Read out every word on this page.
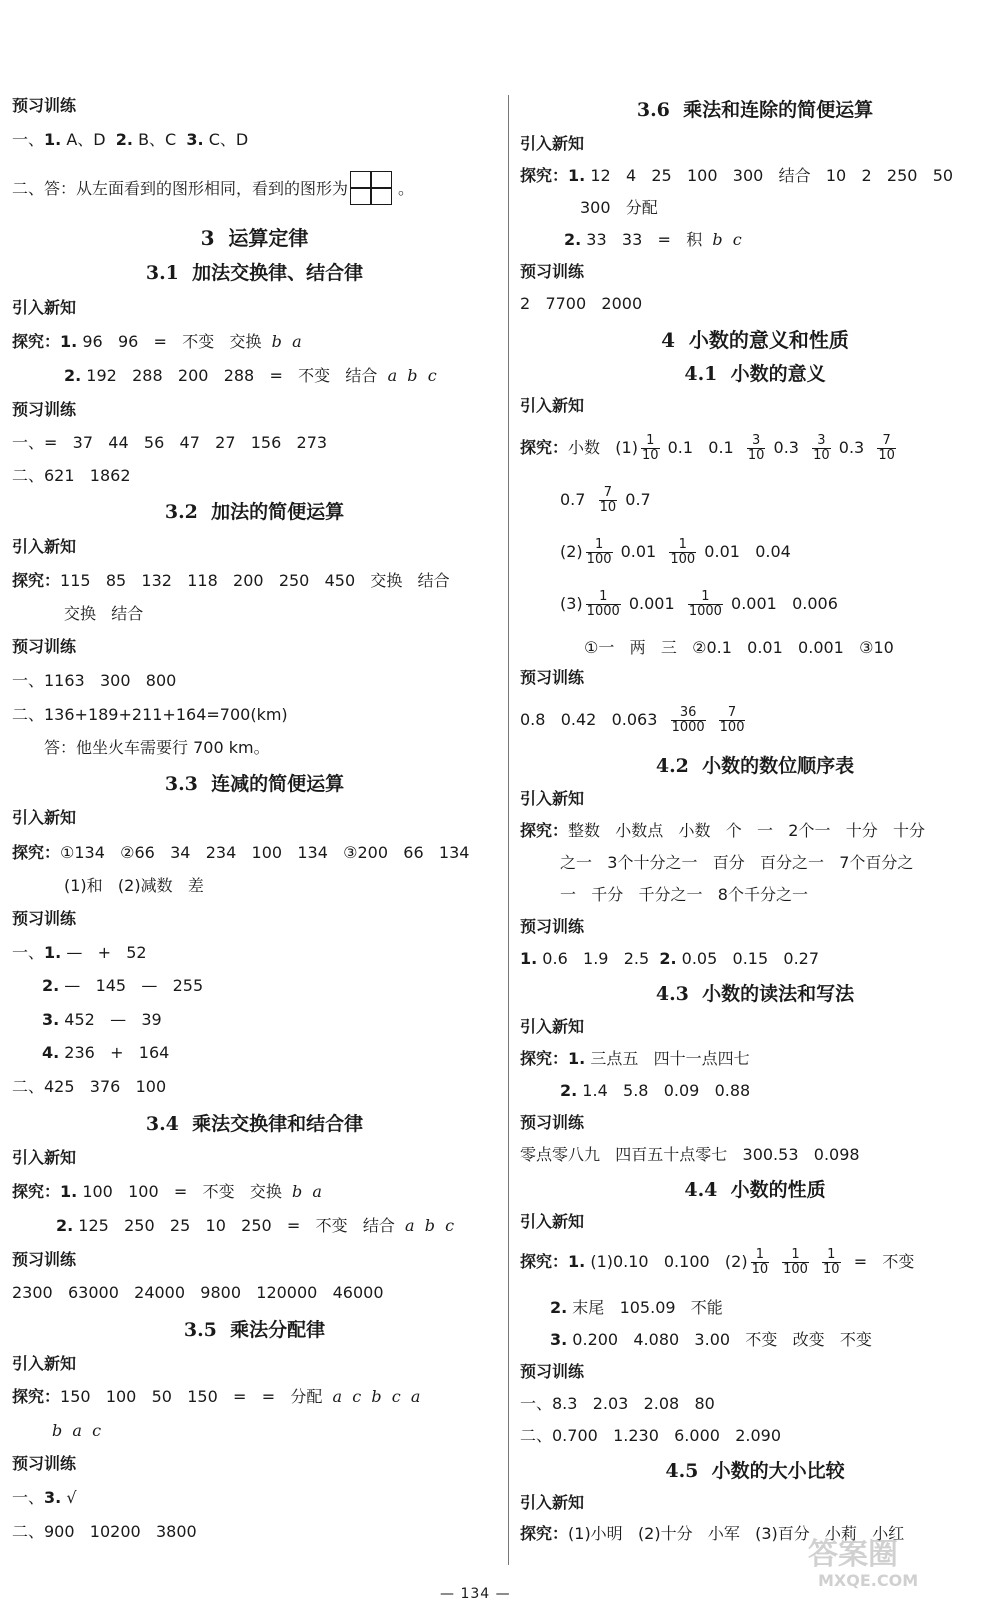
预习训练
一、1. A、D  2. B、C  3. C、D
二、答：从左面看到的图形相同，看到的图形为	。
3  运算定律
3.1  加法交换律、结合律
引入新知
探究：1. 96   96   =   不变   交换  b  a
2. 192   288   200   288   =   不变   结合  a  b  c
预习训练
一、=   37   44   56   47   27   156   273
二、621   1862
3.2  加法的简便运算
引入新知
探究：115   85   132   118   200   250   450   交换   结合
交换   结合
预习训练
一、1163   300   800
二、136+189+211+164=700(km)
答：他坐火车需要行 700 km。
3.3  连减的简便运算
引入新知
探究：①134   ②66   34   234   100   134   ③200   66   134
(1)和   (2)减数   差
预习训练
一、1. —   +   52
2. —   145   —   255
3. 452   —   39
4. 236   +   164
二、425   376   100
3.4  乘法交换律和结合律
引入新知
探究：1. 100   100   =   不变   交换  b  a
2. 125   250   25   10   250   =   不变   结合  a  b  c
预习训练
2300   63000   24000   9800   120000   46000
3.5  乘法分配律
引入新知
探究：150   100   50   150   =   =   分配  a  c  b  c  a
b  a  c
预习训练
一、3. √
二、900   10200   3800
3.6  乘法和连除的简便运算
引入新知
探究：1. 12   4   25   100   300   结合   10   2   250   50
300   分配
2. 33   33   =   积  b  c
预习训练
2   7700   2000
4  小数的意义和性质
4.1  小数的意义
引入新知
探究：小数   $(1) \frac{1}{10} 0.1$   $0.1 \frac{3}{10} 0.3 \frac{3}{10} 0.3 \frac{7}{10}$
$0.7 \frac{7}{10} 0.7$
$(2) \frac{1}{100} 0.01 \frac{1}{100} 0.01$   0.04
$(3) \frac{1}{1000} 0.001 \frac{1}{1000} 0.001$   0.006
①一   两   三   ②0.1   0.01   0.001   ③10
预习训练
0.8   0.42   $0.063 \frac{36}{1000} \frac{7}{100}$
4.2  小数的数位顺序表
引入新知
探究：整数   小数点   小数   个   一   2个一   十分   十分
之一   3个十分之一   百分   百分之一   7个百分之
一   千分   千分之一   8个千分之一
预习训练
1. 0.6   1.9   2.5  2. 0.05   0.15   0.27
4.3  小数的读法和写法
引入新知
探究：1. 三点五   四十一点四七
2. 1.4   5.8   0.09   0.88
预习训练
零点零八九   四百五十点零七   300.53   0.098
4.4  小数的性质
引入新知
探究：1. (1)0.10   0.100   $(2) \frac{1}{10} \frac{1}{100} \frac{1}{10}$ =   不变
2. 末尾   105.09   不能
3. 0.200   4.080   3.00   不变   改变   不变
预习训练
一、8.3   2.03   2.08   80
二、0.700   1.230   6.000   2.090
4.5  小数的大小比较
引入新知
探究：(1)小明   (2)十分   小军   (3)百分   小莉   小红
— 134 —
答案圈
MXQE.COM
